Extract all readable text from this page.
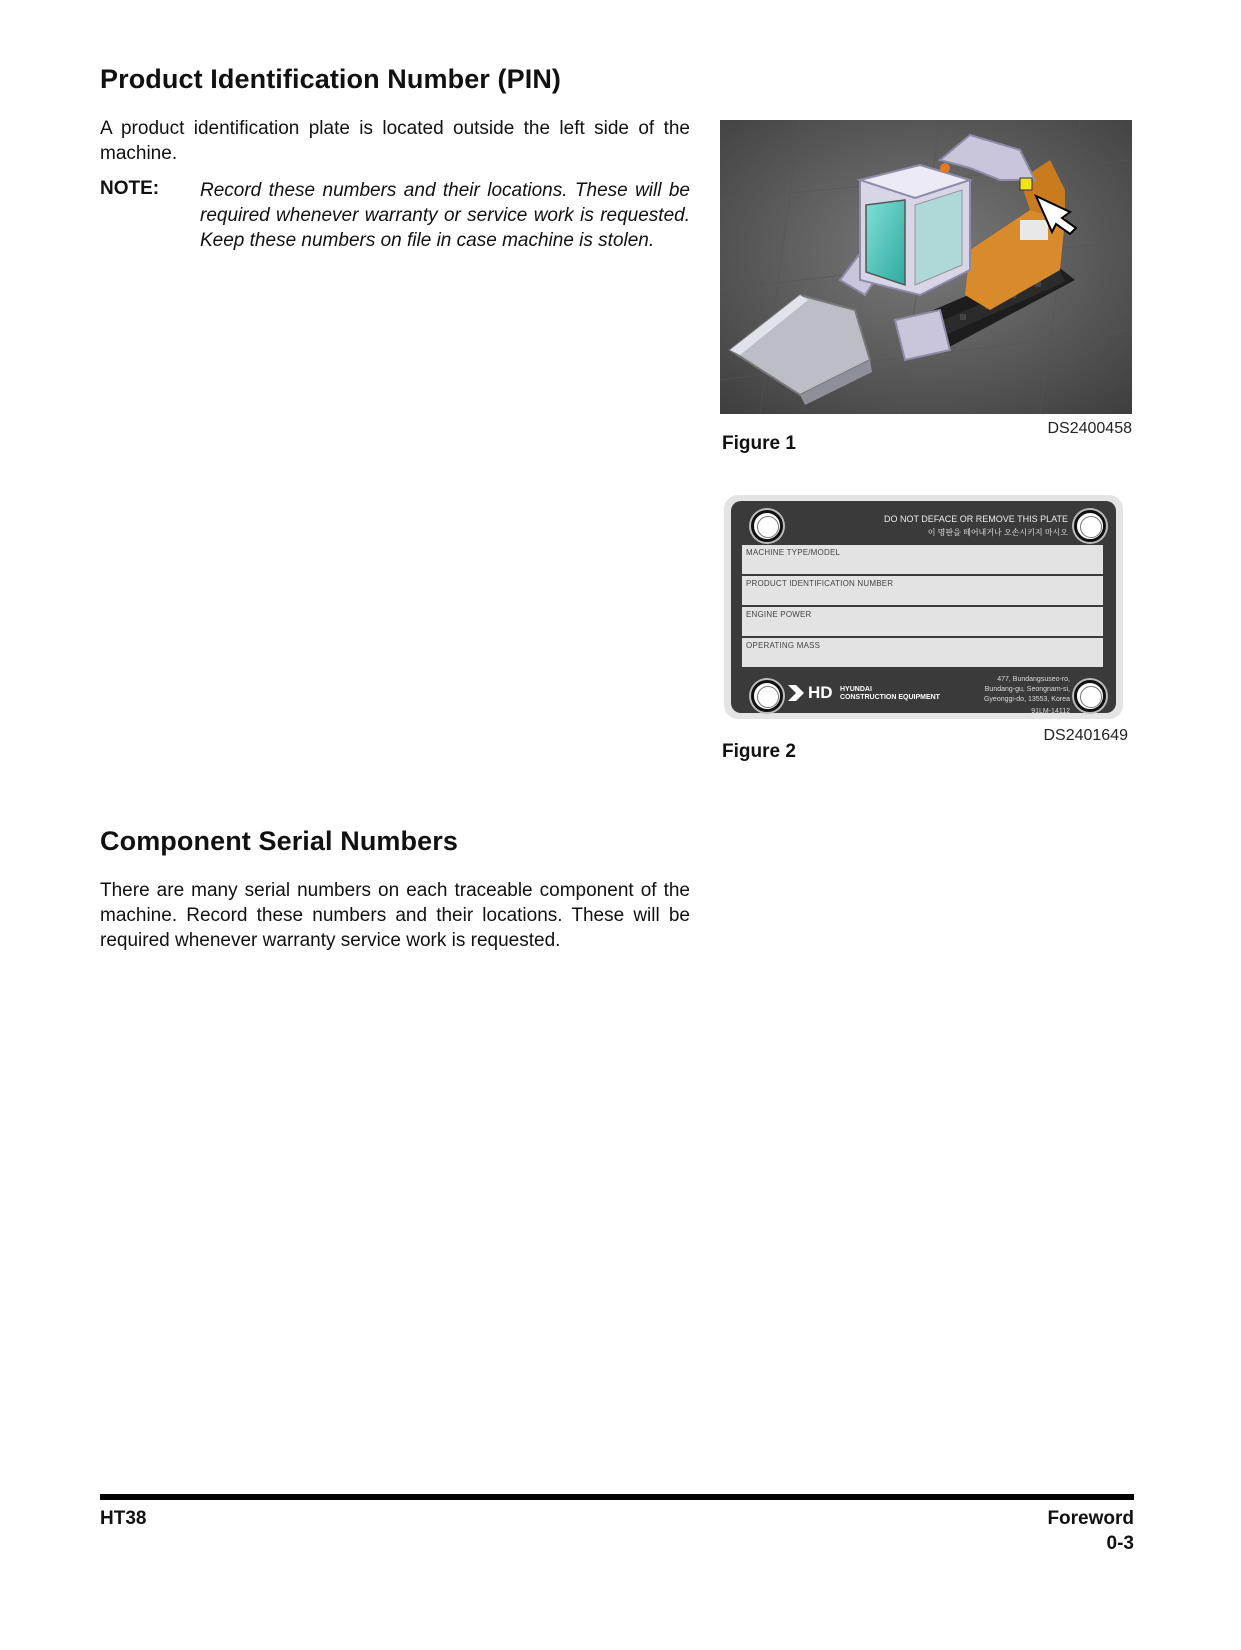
Product Identification Number (PIN)
A product identification plate is located outside the left side of the machine.
NOTE: Record these numbers and their locations. These will be required whenever warranty or service work is requested. Keep these numbers on file in case machine is stolen.
DS2400458
Figure 1
DO NOT DEFACE OR REMOVE THIS PLATE
이 명판을 떼어내거나 오손시키지 마시오
MACHINE TYPE/MODEL
PRODUCT IDENTIFICATION NUMBER
ENGINE POWER
OPERATING MASS
HD HYUNDAI
CONSTRUCTION EQUIPMENT
477, Bundangsuseo-ro,
Bundang-gu, Seongnam-si,
Gyeonggi-do, 13553, Korea
91LM-14112
DS2401649
Figure 2
Component Serial Numbers
There are many serial numbers on each traceable component of the machine. Record these numbers and their locations. These will be required whenever warranty service work is requested.
HT38	Foreword
0-3
